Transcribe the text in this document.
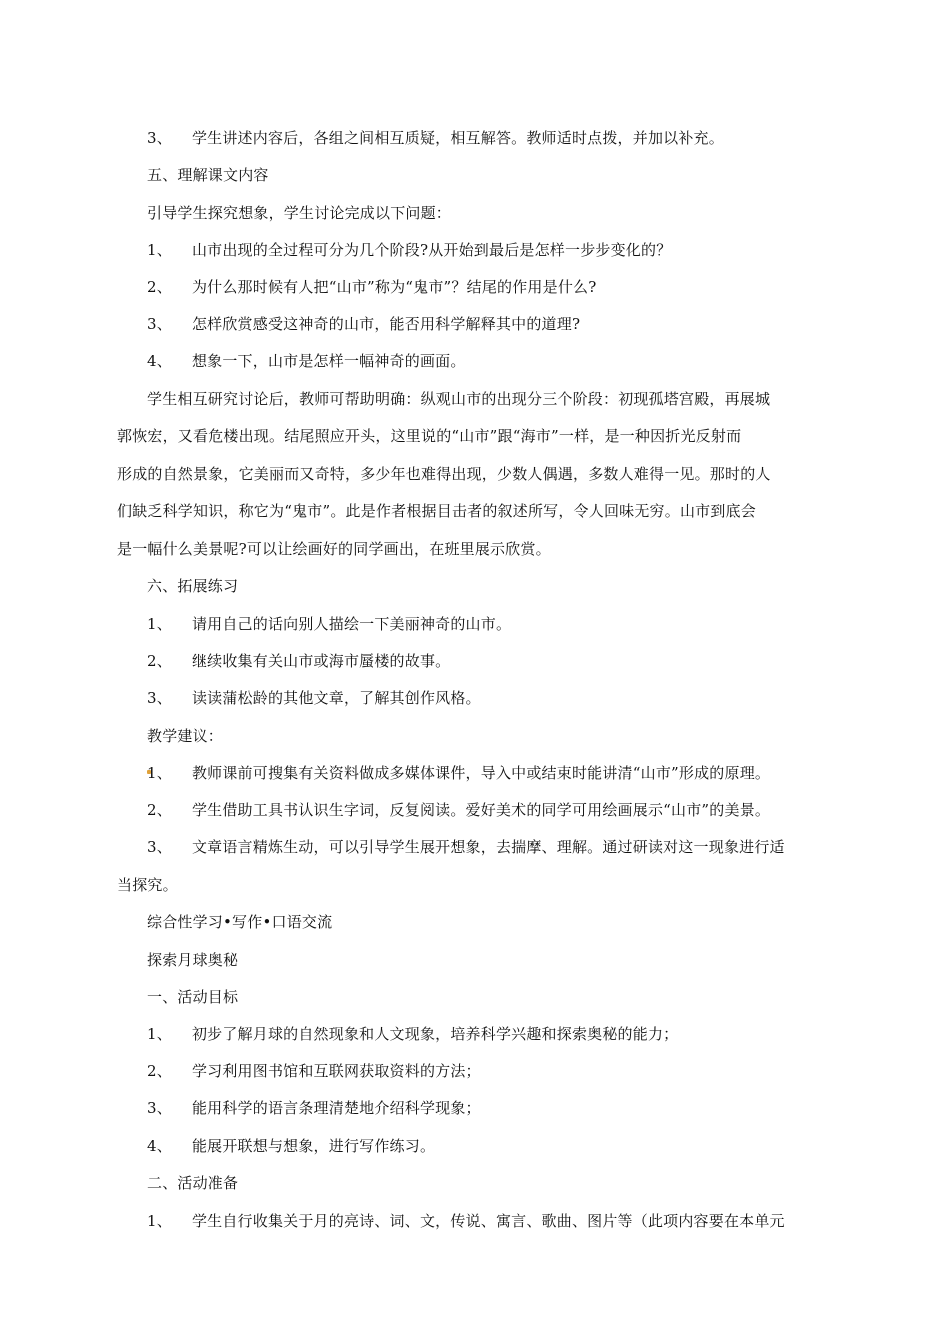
3、 学生讲述内容后，各组之间相互质疑，相互解答。教师适时点拨，并加以补充。
五、理解课文内容
引导学生探究想象，学生讨论完成以下问题：
1、 山市出现的全过程可分为几个阶段?从开始到最后是怎样一步步变化的？
2、 为什么那时候有人把“山市”称为“鬼市”？结尾的作用是什么?
3、 怎样欣赏感受这神奇的山市，能否用科学解释其中的道理?
4、 想象一下，山市是怎样一幅神奇的画面。
学生相互研究讨论后，教师可帮助明确：纵观山市的出现分三个阶段：初现孤塔宫殿，再展城
郭恢宏，又看危楼出现。结尾照应开头，这里说的“山市”跟“海市”一样，是一种因折光反射而
形成的自然景象，它美丽而又奇特，多少年也难得出现，少数人偶遇，多数人难得一见。那时的人
们缺乏科学知识，称它为“鬼市”。此是作者根据目击者的叙述所写，令人回味无穷。山市到底会
是一幅什么美景呢?可以让绘画好的同学画出，在班里展示欣赏。
六、拓展练习
1、 请用自己的话向别人描绘一下美丽神奇的山市。
2、 继续收集有关山市或海市蜃楼的故事。
3、 读读蒲松龄的其他文章，了解其创作风格。
教学建议：
1、 教师课前可搜集有关资料做成多媒体课件，导入中或结束时能讲清“山市”形成的原理。
2、 学生借助工具书认识生字词，反复阅读。爱好美术的同学可用绘画展示“山市”的美景。
3、 文章语言精炼生动，可以引导学生展开想象，去揣摩、理解。通过研读对这一现象进行适
当探究。
综合性学习•写作•口语交流
探索月球奥秘
一、活动目标
1、 初步了解月球的自然现象和人文现象，培养科学兴趣和探索奥秘的能力；
2、 学习利用图书馆和互联网获取资料的方法；
3、 能用科学的语言条理清楚地介绍科学现象；
4、 能展开联想与想象，进行写作练习。
二、活动准备
1、 学生自行收集关于月的亮诗、词、文，传说、寓言、歌曲、图片等（此项内容要在本单元
